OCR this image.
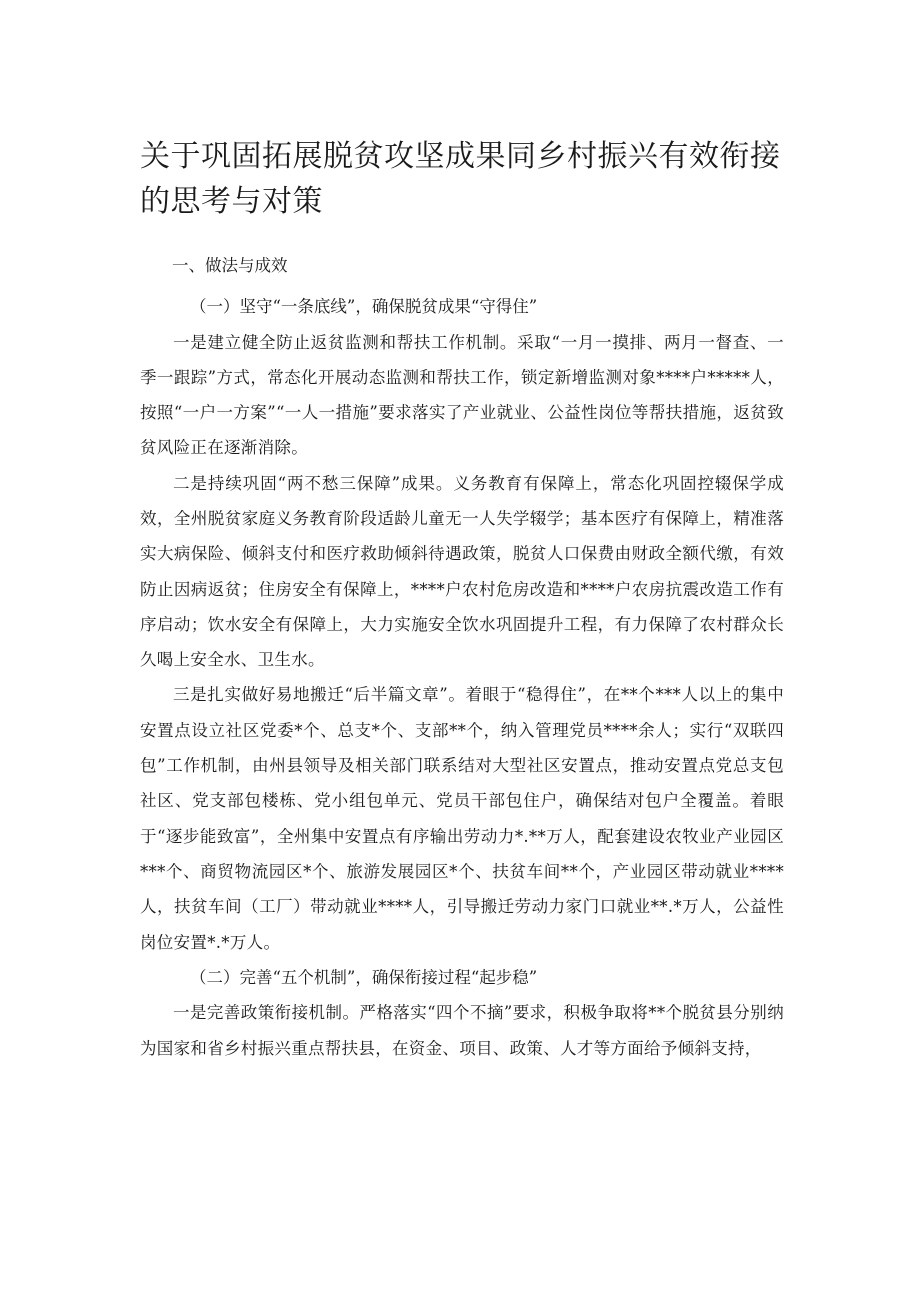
关于巩固拓展脱贫攻坚成果同乡村振兴有效衔接的思考与对策

一、做法与成效

（一）坚守“一条底线”，确保脱贫成果“守得住”

一是建立健全防止返贫监测和帮扶工作机制。采取“一月一摸排、两月一督查、一季一跟踪”方式，常态化开展动态监测和帮扶工作，锁定新增监测对象****户*****人，按照“一户一方案”“一人一措施”要求落实了产业就业、公益性岗位等帮扶措施，返贫致贫风险正在逐渐消除。

二是持续巩固“两不愁三保障”成果。义务教育有保障上，常态化巩固控辍保学成效，全州脱贫家庭义务教育阶段适龄儿童无一人失学辍学；基本医疗有保障上，精准落实大病保险、倾斜支付和医疗救助倾斜待遇政策，脱贫人口保费由财政全额代缴，有效防止因病返贫；住房安全有保障上，****户农村危房改造和****户农房抗震改造工作有序启动；饮水安全有保障上，大力实施安全饮水巩固提升工程，有力保障了农村群众长久喝上安全水、卫生水。

三是扎实做好易地搬迁“后半篇文章”。着眼于“稳得住”，在**个***人以上的集中安置点设立社区党委*个、总支*个、支部**个，纳入管理党员****余人；实行“双联四包”工作机制，由州县领导及相关部门联系结对大型社区安置点，推动安置点党总支包社区、党支部包楼栋、党小组包单元、党员干部包住户，确保结对包户全覆盖。着眼于“逐步能致富”，全州集中安置点有序输出劳动力*.**万人，配套建设农牧业产业园区***个、商贸物流园区*个、旅游发展园区*个、扶贫车间**个，产业园区带动就业****人，扶贫车间（工厂）带动就业****人，引导搬迁劳动力家门口就业**.*万人，公益性岗位安置*.*万人。

（二）完善“五个机制”，确保衔接过程“起步稳”

一是完善政策衔接机制。严格落实“四个不摘”要求，积极争取将**个脱贫县分别纳为国家和省乡村振兴重点帮扶县，在资金、项目、政策、人才等方面给予倾斜支持，
